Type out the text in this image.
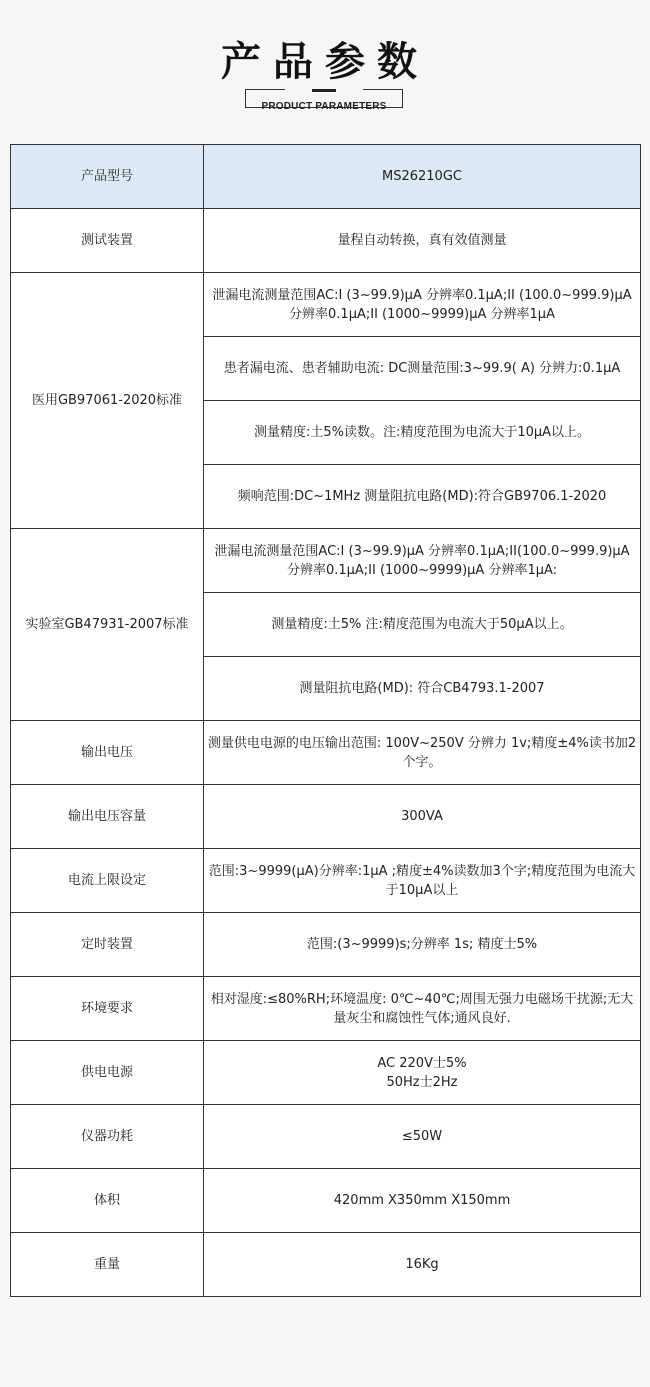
产品参数
PRODUCT PARAMETERS
产品型号	MS26210GC
测试装置	量程自动转换，真有效值测量
医用GB97061-2020标准	泄漏电流测量范围AC:I (3~99.9)μA 分辨率0.1μA;II (100.0~999.9)μA 分辨率0.1μA;II (1000~9999)μA 分辨率1μA
	患者漏电流、患者辅助电流: DC测量范围:3~99.9( A) 分辨力:0.1μA
	测量精度:土5%读数。注:精度范围为电流大于10μA以上。
	频响范围:DC~1MHz 测量阻抗电路(MD):符合GB9706.1-2020
实验室GB47931-2007标准	泄漏电流测量范围AC:I (3~99.9)μA 分辨率0.1μA;II(100.0~999.9)μA 分辨率0.1μA;II (1000~9999)μA 分辨率1μA:
	测量精度:土5% 注:精度范围为电流大于50μA以上。
	测量阻抗电路(MD): 符合CB4793.1-2007
输出电压	测量供电电源的电压输出范围: 100V~250V 分辨力 1v;精度±4%读书加2个字。
输出电压容量	300VA
电流上限设定	范围:3~9999(μA)分辨率:1μA ;精度±4%读数加3个字;精度范围为电流大于10μA以上
定时装置	范围:(3~9999)s;分辨率 1s; 精度士5%
环境要求	相对湿度:≤80%RH;环境温度: 0℃~40℃;周围无强力电磁场干扰源;无大量灰尘和腐蚀性气体;通风良好.
供电电源	AC 220V士5%
50Hz士2Hz

仪器功耗	≤50W
体积	420mm X350mm X150mm
重量	16Kg
